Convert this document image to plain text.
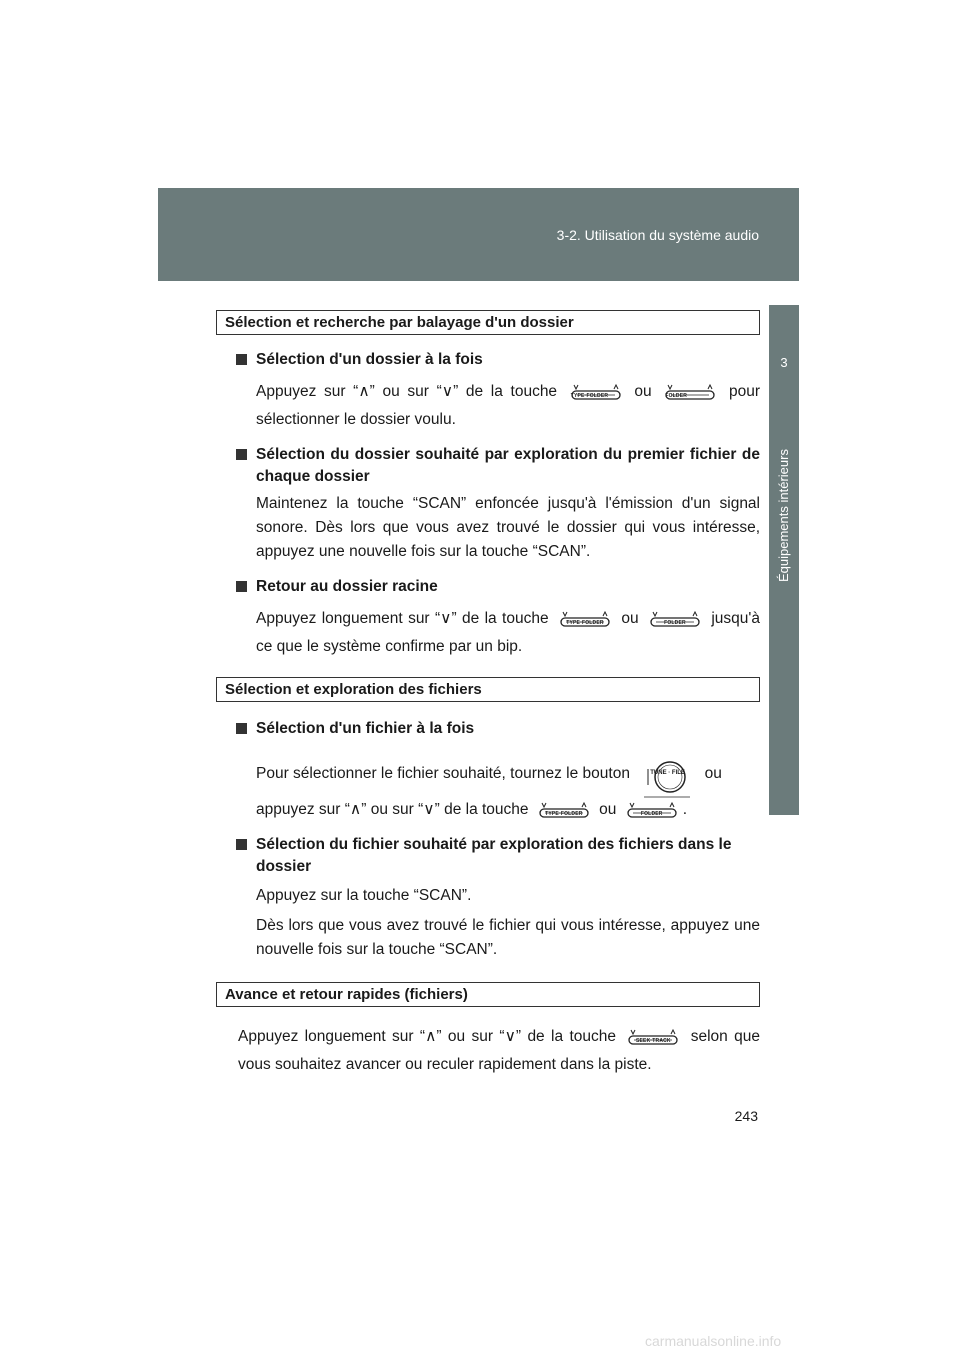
3-2. Utilisation du système audio
3
Équipements intérieurs
Sélection et recherche par balayage d'un dossier
Sélection d'un dossier à la fois
Appuyez sur “∧” ou sur “∨” de la touche	TYPE·FOLDER	ou	FOLDER	pour
sélectionner le dossier voulu.
Sélection du dossier souhaité par exploration du premier fichier de chaque dossier
Maintenez la touche “SCAN” enfoncée jusqu'à l'émission d'un signal sonore. Dès lors que vous avez trouvé le dossier qui vous intéresse, appuyez une nouvelle fois sur la touche “SCAN”.
Retour au dossier racine
Appuyez longuement sur “∨” de la touche	TYPE·FOLDER	ou	FOLDER	jusqu'à ce que le système confirme par un bip.
Sélection et exploration des fichiers
Sélection d'un fichier à la fois
Pour sélectionner le fichier souhaité, tournez le bouton	TUNE · FILE ou
appuyez sur “∧” ou sur “∨” de la touche	TYPE·FOLDER	ou	FOLDER	.
Sélection du fichier souhaité par exploration des fichiers dans le dossier
Appuyez sur la touche “SCAN”.
Dès lors que vous avez trouvé le fichier qui vous intéresse, appuyez une nouvelle fois sur la touche “SCAN”.
Avance et retour rapides (fichiers)
Appuyez longuement sur “∧” ou sur “∨” de la touche	SEEK·TRACK	selon que vous souhaitez avancer ou reculer rapidement dans la piste.
243
carmanualsonline.info
